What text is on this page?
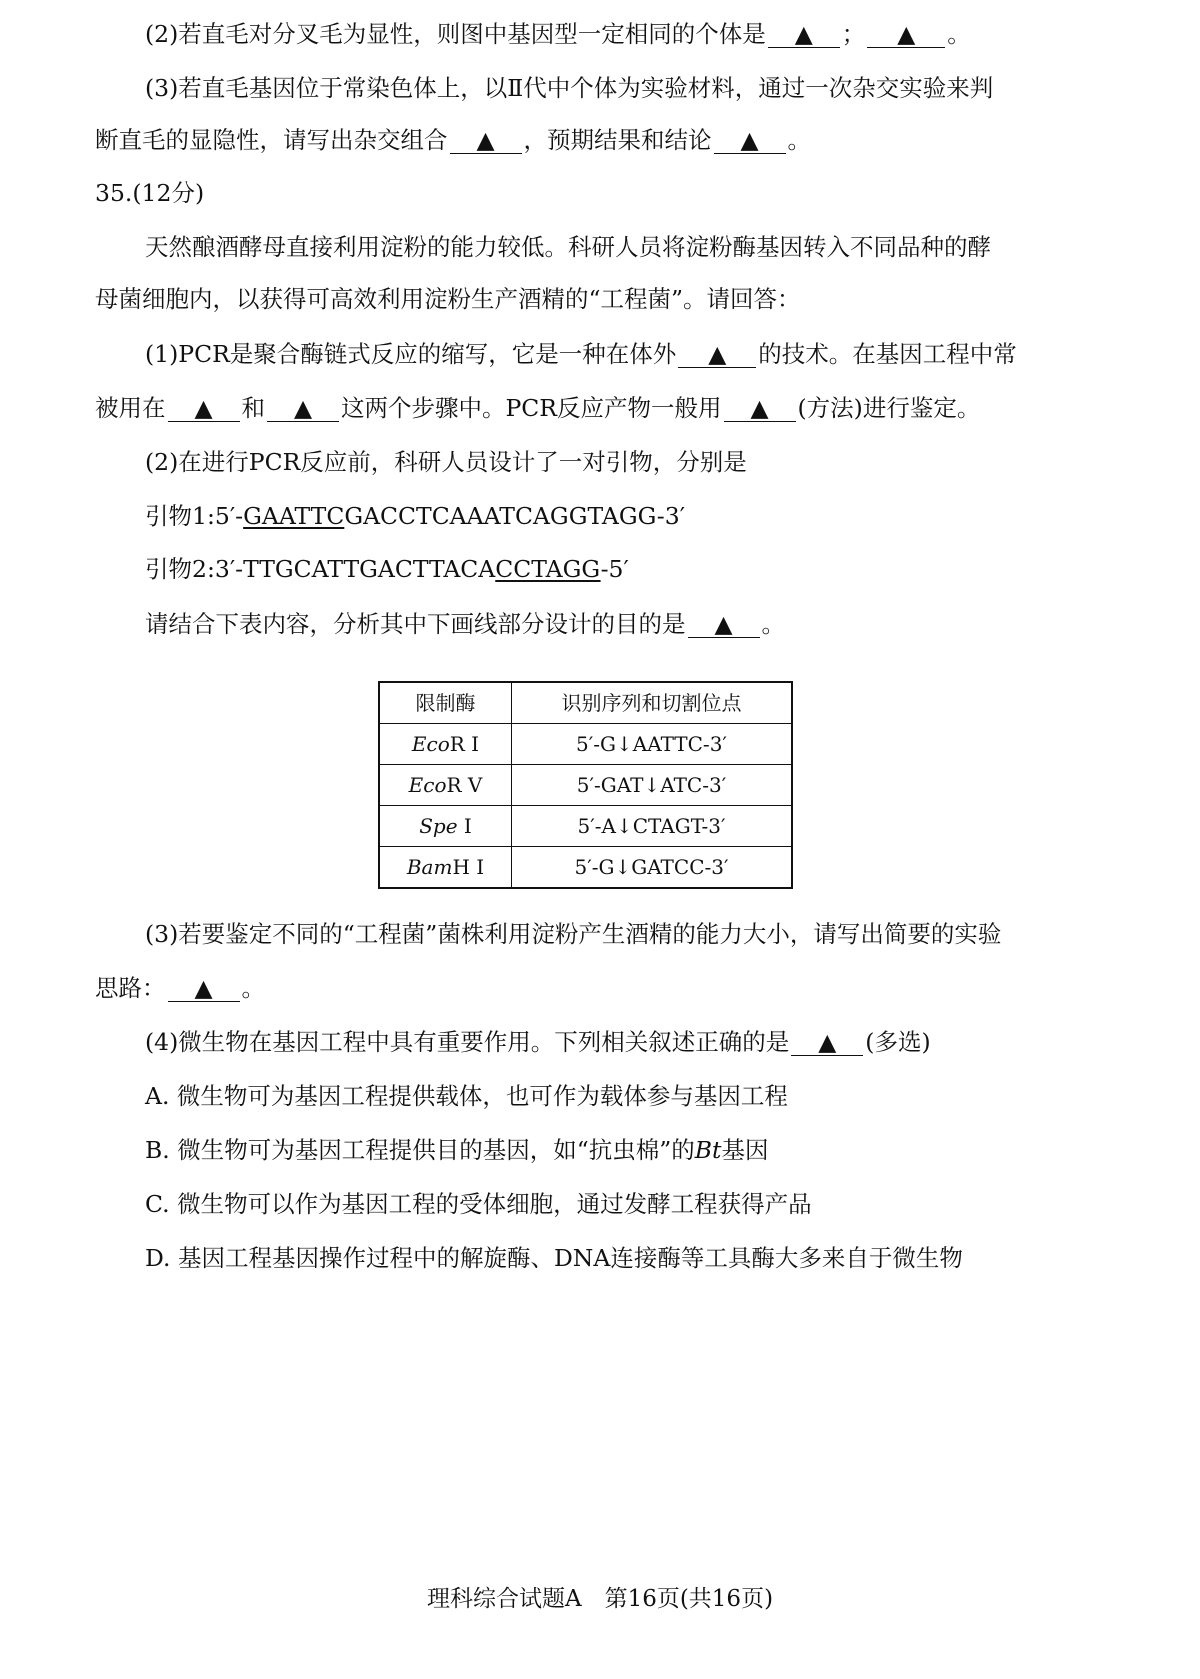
(2)若直毛对分叉毛为显性，则图中基因型一定相同的个体是 ▲ ； ▲ 。
(3)若直毛基因位于常染色体上，以Ⅱ代中个体为实验材料，通过一次杂交实验来判
断直毛的显隐性，请写出杂交组合 ▲ ，预期结果和结论 ▲ 。
35.(12分)
天然酿酒酵母直接利用淀粉的能力较低。科研人员将淀粉酶基因转入不同品种的酵
母菌细胞内，以获得可高效利用淀粉生产酒精的“工程菌”。请回答：
(1)PCR是聚合酶链式反应的缩写，它是一种在体外 ▲ 的技术。在基因工程中常
被用在 ▲ 和 ▲ 这两个步骤中。PCR反应产物一般用 ▲ (方法)进行鉴定。
(2)在进行PCR反应前，科研人员设计了一对引物，分别是
引物1:5′-GAATTCGACCTCAAATCAGGTAGG-3′
引物2:3′-TTGCATTGACTTACACCTAGG-5′
请结合下表内容，分析其中下画线部分设计的目的是 ▲ 。
限制酶	识别序列和切割位点
EcoR Ⅰ	5′-G↓AATTC-3′
EcoR Ⅴ	5′-GAT↓ATC-3′
Spe Ⅰ	5′-A↓CTAGT-3′
BamH Ⅰ	5′-G↓GATCC-3′
(3)若要鉴定不同的“工程菌”菌株利用淀粉产生酒精的能力大小，请写出简要的实验
思路： ▲ 。
(4)微生物在基因工程中具有重要作用。下列相关叙述正确的是 ▲ (多选)
A. 微生物可为基因工程提供载体，也可作为载体参与基因工程
B. 微生物可为基因工程提供目的基因，如“抗虫棉”的Bt基因
C. 微生物可以作为基因工程的受体细胞，通过发酵工程获得产品
D. 基因工程基因操作过程中的解旋酶、DNA连接酶等工具酶大多来自于微生物
理科综合试题A　第16页(共16页)
